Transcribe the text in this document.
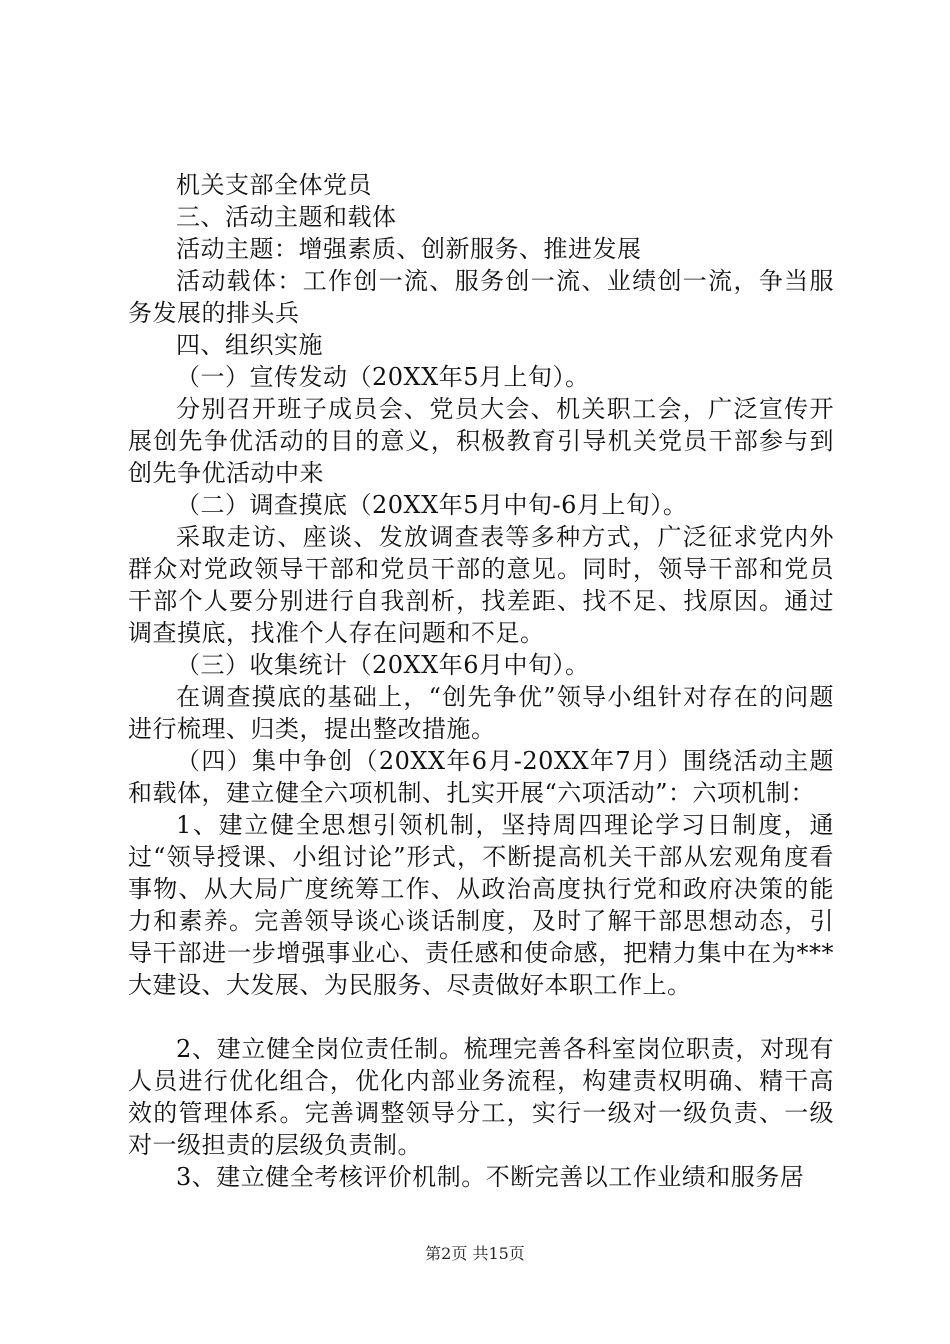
机关支部全体党员

三、活动主题和载体

活动主题：增强素质、创新服务、推进发展

活动载体：工作创一流、服务创一流、业绩创一流，争当服务发展的排头兵

四、组织实施

（一）宣传发动（20XX年5月上旬）。

分别召开班子成员会、党员大会、机关职工会，广泛宣传开展创先争优活动的目的意义，积极教育引导机关党员干部参与到创先争优活动中来

（二）调查摸底（20XX年5月中旬-6月上旬）。

采取走访、座谈、发放调查表等多种方式，广泛征求党内外群众对党政领导干部和党员干部的意见。同时，领导干部和党员干部个人要分别进行自我剖析，找差距、找不足、找原因。通过调查摸底，找准个人存在问题和不足。

（三）收集统计（20XX年6月中旬）。

在调查摸底的基础上，“创先争优”领导小组针对存在的问题进行梳理、归类，提出整改措施。

（四）集中争创（20XX年6月-20XX年7月）围绕活动主题和载体，建立健全六项机制、扎实开展“六项活动”：六项机制：

1、建立健全思想引领机制，坚持周四理论学习日制度，通过“领导授课、小组讨论”形式，不断提高机关干部从宏观角度看事物、从大局广度统筹工作、从政治高度执行党和政府决策的能力和素养。完善领导谈心谈话制度，及时了解干部思想动态，引导干部进一步增强事业心、责任感和使命感，把精力集中在为***大建设、大发展、为民服务、尽责做好本职工作上。

2、建立健全岗位责任制。梳理完善各科室岗位职责，对现有人员进行优化组合，优化内部业务流程，构建责权明确、精干高效的管理体系。完善调整领导分工，实行一级对一级负责、一级对一级担责的层级负责制。

3、建立健全考核评价机制。不断完善以工作业绩和服务居

第2页 共15页
